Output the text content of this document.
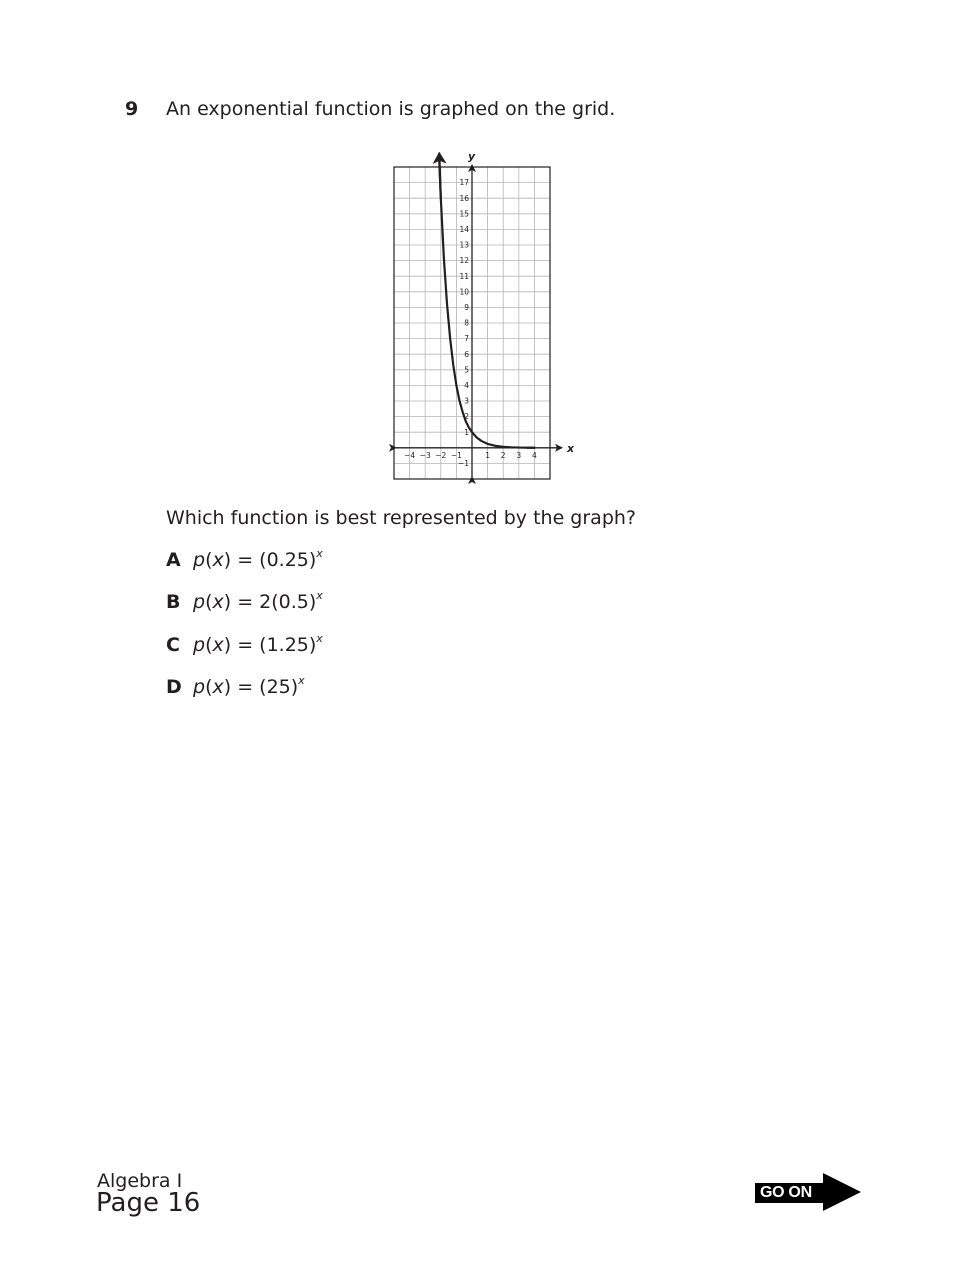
9 An exponential function is graphed on the grid.
x
y
−4 −3 −2 −1	1 2 3 4
−1
1
2
3
4
5
6
7
8
9
10
11
12
13
14
15
16
17
Which function is best represented by the graph?
A $p(x) = (0.25)^x$
B $p(x) = 2(0.5)^x$
C $p(x) = (1.25)^x$
D $p(x) = (25)^x$
Algebra I
Page 16	GO ON
